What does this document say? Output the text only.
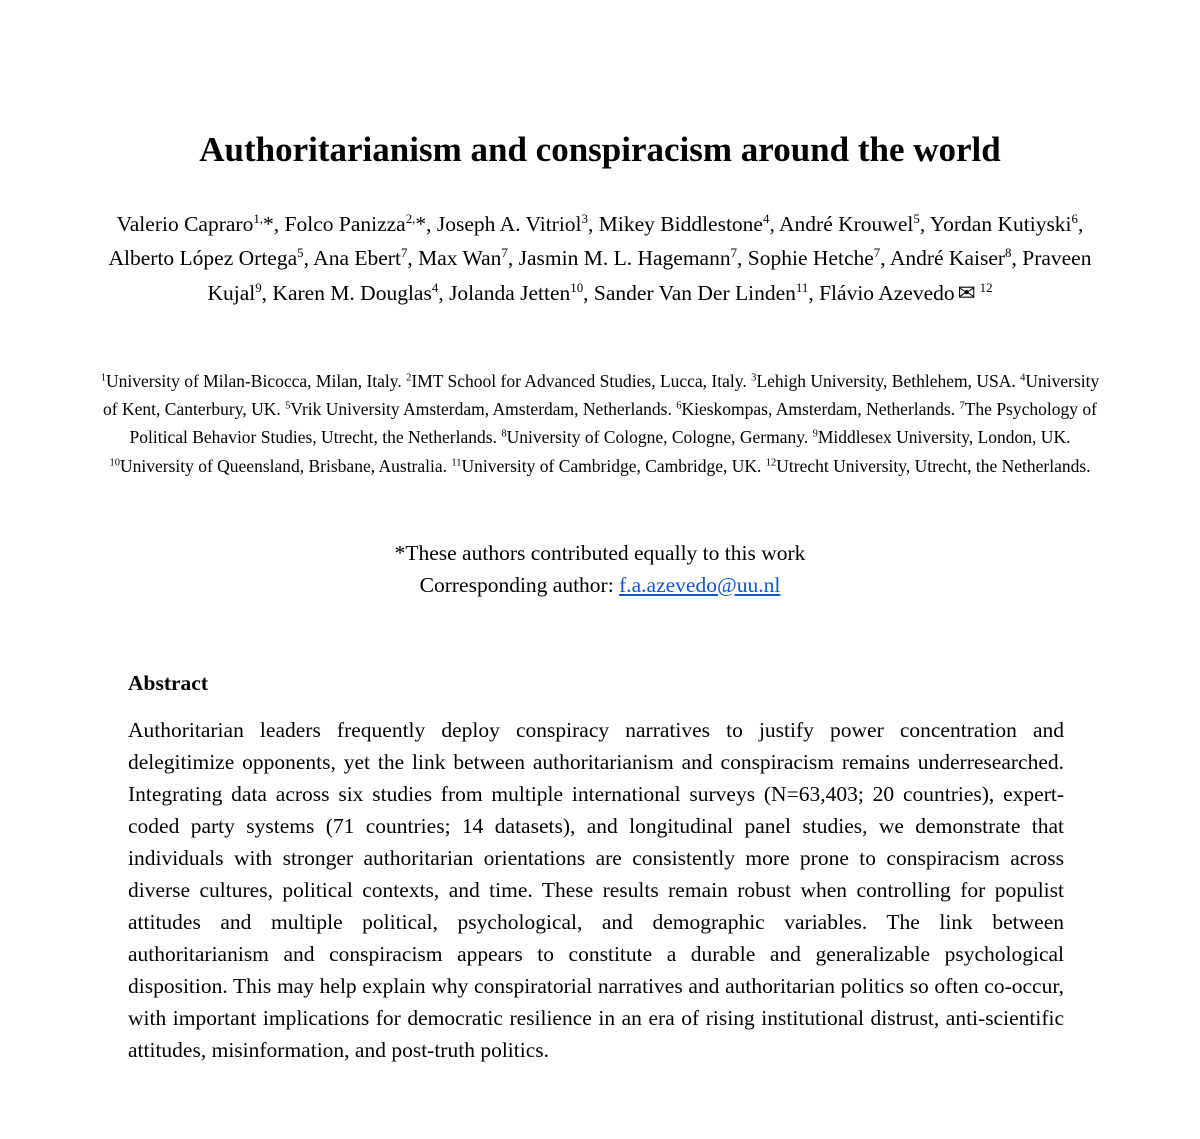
Authoritarianism and conspiracism around the world
Valerio Capraro$^{1,}$*, Folco Panizza$^{2,}$*, Joseph A. Vitriol$^3$, Mikey Biddlestone$^4$, André Krouwel$^5$, Yordan Kutiyski$^6$, Alberto López Ortega$^5$, Ana Ebert$^7$, Max Wan$^7$, Jasmin M. L. Hagemann$^7$, Sophie Hetche$^7$, André Kaiser$^8$, Praveen Kujal$^9$, Karen M. Douglas$^4$, Jolanda Jetten$^{10}$, Sander Van Der Linden$^{11}$, Flávio Azevedo ✉ $^{12}$
$^1$University of Milan-Bicocca, Milan, Italy. $^2$IMT School for Advanced Studies, Lucca, Italy. $^3$Lehigh University, Bethlehem, USA. $^4$University of Kent, Canterbury, UK. $^5$Vrik University Amsterdam, Amsterdam, Netherlands. $^6$Kieskompas, Amsterdam, Netherlands. $^7$The Psychology of Political Behavior Studies, Utrecht, the Netherlands. $^8$University of Cologne, Cologne, Germany. $^9$Middlesex University, London, UK. $^{10}$University of Queensland, Brisbane, Australia. $^{11}$University of Cambridge, Cambridge, UK. $^{12}$Utrecht University, Utrecht, the Netherlands.
*These authors contributed equally to this work
Corresponding author: f.a.azevedo@uu.nl
Abstract

Authoritarian leaders frequently deploy conspiracy narratives to justify power concentration and delegitimize opponents, yet the link between authoritarianism and conspiracism remains underresearched. Integrating data across six studies from multiple international surveys (N=63,403; 20 countries), expert-coded party systems (71 countries; 14 datasets), and longitudinal panel studies, we demonstrate that individuals with stronger authoritarian orientations are consistently more prone to conspiracism across diverse cultures, political contexts, and time. These results remain robust when controlling for populist attitudes and multiple political, psychological, and demographic variables. The link between authoritarianism and conspiracism appears to constitute a durable and generalizable psychological disposition. This may help explain why conspiratorial narratives and authoritarian politics so often co-occur, with important implications for democratic resilience in an era of rising institutional distrust, anti-scientific attitudes, misinformation, and post-truth politics.
